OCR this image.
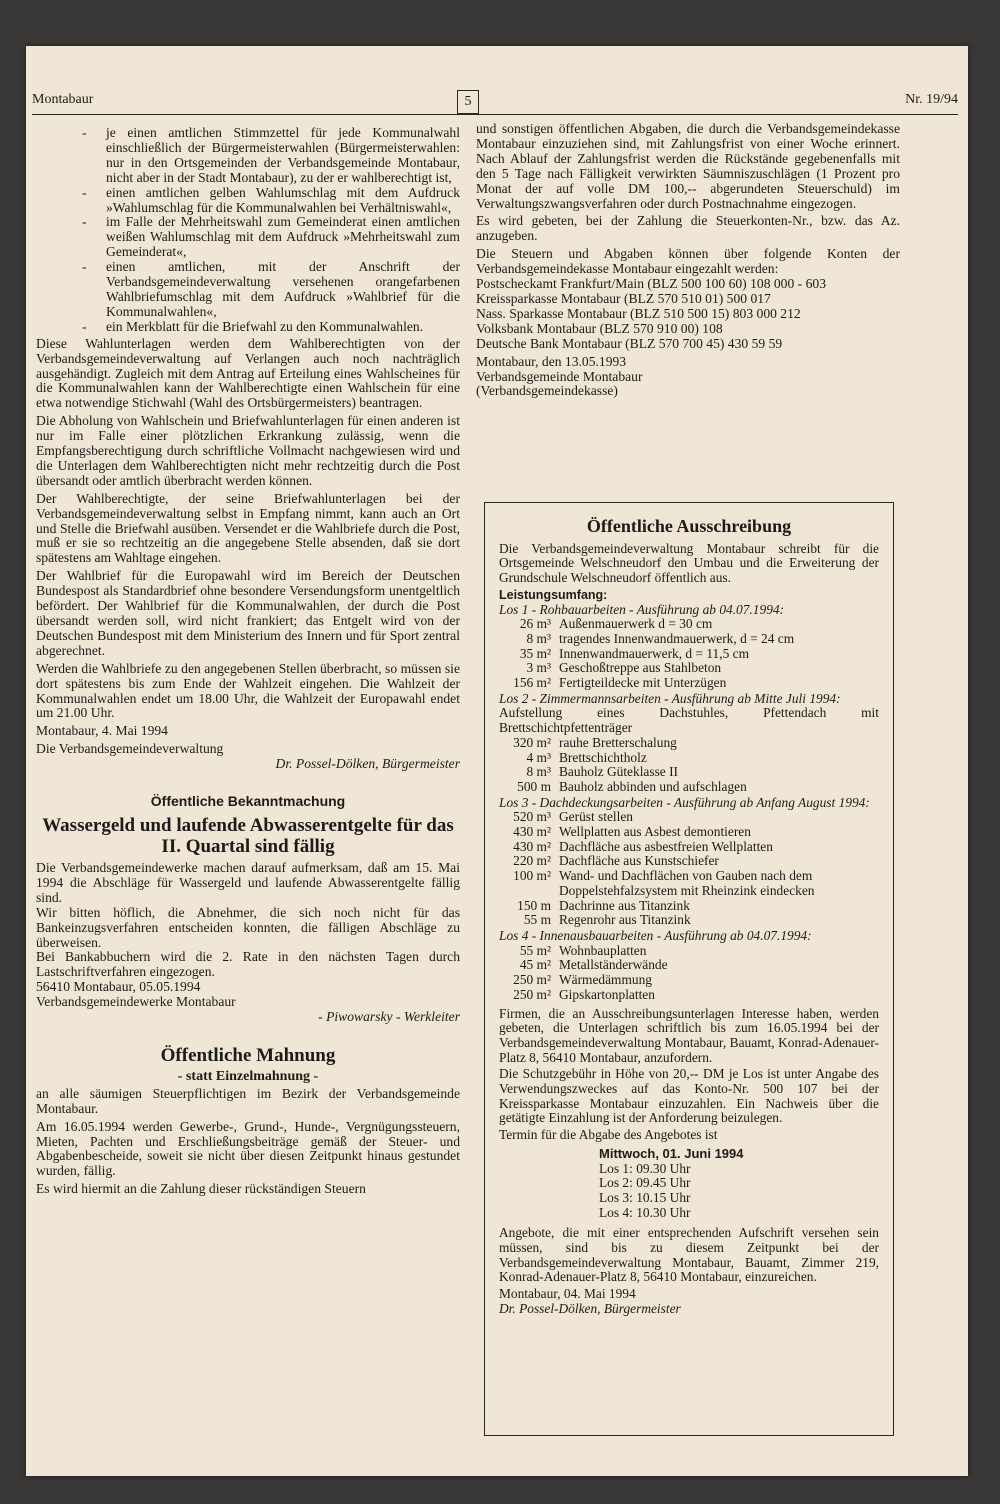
Montabaur	5	Nr. 19/94
- je einen amtlichen Stimmzettel für jede Kommunalwahl einschließlich der Bürgermeisterwahlen (Bürgermeisterwahlen: nur in den Ortsgemeinden der Verbandsgemeinde Montabaur, nicht aber in der Stadt Montabaur), zu der er wahlberechtigt ist,
- einen amtlichen gelben Wahlumschlag mit dem Aufdruck »Wahlumschlag für die Kommunalwahlen bei Verhältniswahl«,
- im Falle der Mehrheitswahl zum Gemeinderat einen amtlichen weißen Wahlumschlag mit dem Aufdruck »Mehrheitswahl zum Gemeinderat«,
- einen amtlichen, mit der Anschrift der Verbandsgemeindeverwaltung versehenen orangefarbenen Wahlbriefumschlag mit dem Aufdruck »Wahlbrief für die Kommunalwahlen«,
- ein Merkblatt für die Briefwahl zu den Kommunalwahlen.

Diese Wahlunterlagen werden dem Wahlberechtigten von der Verbandsgemeindeverwaltung auf Verlangen auch noch nachträglich ausgehändigt. Zugleich mit dem Antrag auf Erteilung eines Wahlscheines für die Kommunalwahlen kann der Wahlberechtigte einen Wahlschein für eine etwa notwendige Stichwahl (Wahl des Ortsbürgermeisters) beantragen.

Die Abholung von Wahlschein und Briefwahlunterlagen für einen anderen ist nur im Falle einer plötzlichen Erkrankung zulässig, wenn die Empfangsberechtigung durch schriftliche Vollmacht nachgewiesen wird und die Unterlagen dem Wahlberechtigten nicht mehr rechtzeitig durch die Post übersandt oder amtlich überbracht werden können.

Der Wahlberechtigte, der seine Briefwahlunterlagen bei der Verbandsgemeindeverwaltung selbst in Empfang nimmt, kann auch an Ort und Stelle die Briefwahl ausüben. Versendet er die Wahlbriefe durch die Post, muß er sie so rechtzeitig an die angegebene Stelle absenden, daß sie dort spätestens am Wahltage eingehen.

Der Wahlbrief für die Europawahl wird im Bereich der Deutschen Bundespost als Standardbrief ohne besondere Versendungsform unentgeltlich befördert. Der Wahlbrief für die Kommunalwahlen, der durch die Post übersandt werden soll, wird nicht frankiert; das Entgelt wird von der Deutschen Bundespost mit dem Ministerium des Innern und für Sport zentral abgerechnet.

Werden die Wahlbriefe zu den angegebenen Stellen überbracht, so müssen sie dort spätestens bis zum Ende der Wahlzeit eingehen. Die Wahlzeit der Kommunalwahlen endet um 18.00 Uhr, die Wahlzeit der Europawahl endet um 21.00 Uhr.

Montabaur, 4. Mai 1994

Die Verbandsgemeindeverwaltung

Dr. Possel-Dölken, Bürgermeister

Öffentliche Bekanntmachung
Wassergeld und laufende Abwasserentgelte für das II. Quartal sind fällig

Die Verbandsgemeindewerke machen darauf aufmerksam, daß am 15. Mai 1994 die Abschläge für Wassergeld und laufende Abwasserentgelte fällig sind.

Wir bitten höflich, die Abnehmer, die sich noch nicht für das Bankeinzugsverfahren entscheiden konnten, die fälligen Abschläge zu überweisen.

Bei Bankabbuchern wird die 2. Rate in den nächsten Tagen durch Lastschriftverfahren eingezogen.

56410 Montabaur, 05.05.1994

Verbandsgemeindewerke Montabaur

- Piwowarsky - Werkleiter

Öffentliche Mahnung
- statt Einzelmahnung -

an alle säumigen Steuerpflichtigen im Bezirk der Verbandsgemeinde Montabaur.

Am 16.05.1994 werden Gewerbe-, Grund-, Hunde-, Vergnügungssteuern, Mieten, Pachten und Erschließungsbeiträge gemäß der Steuer- und Abgabenbescheide, soweit sie nicht über diesen Zeitpunkt hinaus gestundet wurden, fällig.

Es wird hiermit an die Zahlung dieser rückständigen Steuern

und sonstigen öffentlichen Abgaben, die durch die Verbandsgemeindekasse Montabaur einzuziehen sind, mit Zahlungsfrist von einer Woche erinnert. Nach Ablauf der Zahlungsfrist werden die Rückstände gegebenenfalls mit den 5 Tage nach Fälligkeit verwirkten Säumniszuschlägen (1 Prozent pro Monat der auf volle DM 100,-- abgerundeten Steuerschuld) im Verwaltungszwangsverfahren oder durch Postnachnahme eingezogen.

Es wird gebeten, bei der Zahlung die Steuerkonten-Nr., bzw. das Az. anzugeben.

Die Steuern und Abgaben können über folgende Konten der Verbandsgemeindekasse Montabaur eingezahlt werden:

Postscheckamt Frankfurt/Main (BLZ 500 100 60) 108 000 - 603
Kreissparkasse Montabaur (BLZ 570 510 01) 500 017
Nass. Sparkasse Montabaur (BLZ 510 500 15) 803 000 212
Volksbank Montabaur (BLZ 570 910 00) 108
Deutsche Bank Montabaur (BLZ 570 700 45) 430 59 59
Montabaur, den 13.05.1993
Verbandsgemeinde Montabaur
(Verbandsgemeindekasse)
Öffentliche Ausschreibung

Die Verbandsgemeindeverwaltung Montabaur schreibt für die Ortsgemeinde Welschneudorf den Umbau und die Erweiterung der Grundschule Welschneudorf öffentlich aus.

Leistungsumfang:
Los 1 - Rohbauarbeiten - Ausführung ab 04.07.1994:
26 m³	Außenmauerwerk d = 30 cm
8 m³	tragendes Innenwandmauerwerk, d = 24 cm
35 m²	Innenwandmauerwerk, d = 11,5 cm
3 m³	Geschoßtreppe aus Stahlbeton
156 m²	Fertigteildecke mit Unterzügen
Los 2 - Zimmermannsarbeiten - Ausführung ab Mitte Juli 1994:

Aufstellung eines Dachstuhles, Pfettendach mit Brettschichtpfettenträger

320 m²	rauhe Bretterschalung
4 m³	Brettschichtholz
8 m³	Bauholz Güteklasse II
500 m	Bauholz abbinden und aufschlagen
Los 3 - Dachdeckungsarbeiten - Ausführung ab Anfang August 1994:
520 m³	Gerüst stellen
430 m²	Wellplatten aus Asbest demontieren
430 m²	Dachfläche aus asbestfreien Wellplatten
220 m²	Dachfläche aus Kunstschiefer
100 m²	Wand- und Dachflächen von Gauben nach dem Doppelstehfalzsystem mit Rheinzink eindecken
150 m	Dachrinne aus Titanzink
55 m	Regenrohr aus Titanzink
Los 4 - Innenausbauarbeiten - Ausführung ab 04.07.1994:
55 m²	Wohnbauplatten
45 m²	Metallständerwände
250 m²	Wärmedämmung
250 m²	Gipskartonplatten

Firmen, die an Ausschreibungsunterlagen Interesse haben, werden gebeten, die Unterlagen schriftlich bis zum 16.05.1994 bei der Verbandsgemeindeverwaltung Montabaur, Bauamt, Konrad-Adenauer-Platz 8, 56410 Montabaur, anzufordern.

Die Schutzgebühr in Höhe von 20,-- DM je Los ist unter Angabe des Verwendungszweckes auf das Konto-Nr. 500 107 bei der Kreissparkasse Montabaur einzuzahlen. Ein Nachweis über die getätigte Einzahlung ist der Anforderung beizulegen.

Termin für die Abgabe des Angebotes ist

Mittwoch, 01. Juni 1994
Los 1: 09.30 Uhr
Los 2: 09.45 Uhr
Los 3: 10.15 Uhr
Los 4: 10.30 Uhr

Angebote, die mit einer entsprechenden Aufschrift versehen sein müssen, sind bis zu diesem Zeitpunkt bei der Verbandsgemeindeverwaltung Montabaur, Bauamt, Zimmer 219, Konrad-Adenauer-Platz 8, 56410 Montabaur, einzureichen.

Montabaur, 04. Mai 1994

Dr. Possel-Dölken, Bürgermeister
